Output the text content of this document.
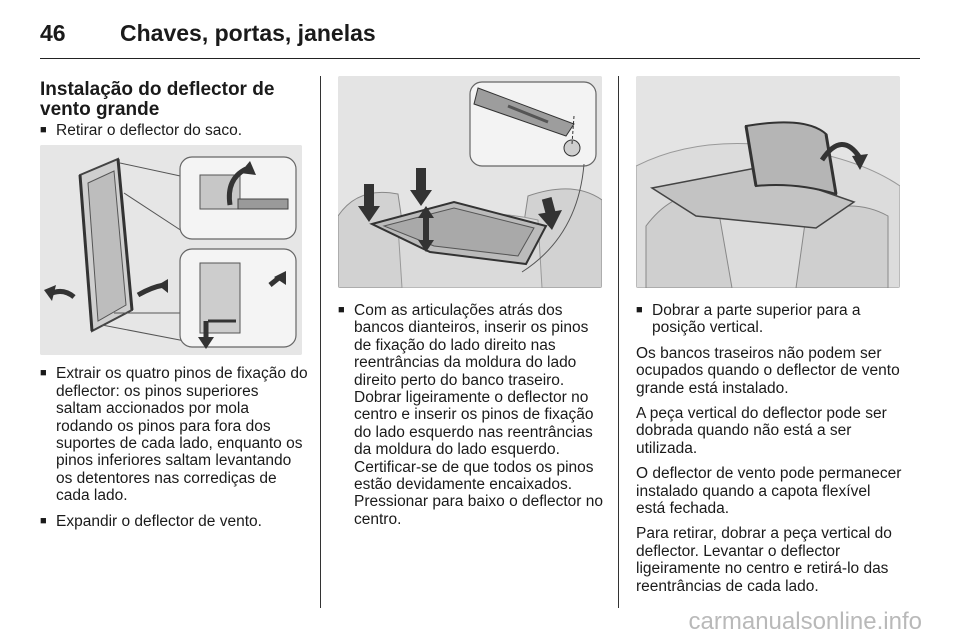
46 Chaves, portas, janelas
Instalação do deflector de vento grande
■ Retirar o deflector do saco.
■ Extrair os quatro pinos de fixação do deflector: os pinos superiores saltam accionados por mola rodando os pinos para fora dos suportes de cada lado, enquanto os pinos inferiores saltam levantando os detentores nas corrediças de cada lado.
■ Expandir o deflector de vento.
■ Com as articulações atrás dos bancos dianteiros, inserir os pinos de fixação do lado direito nas reentrâncias da moldura do lado direito perto do banco traseiro. Dobrar ligeiramente o deflector no centro e inserir os pinos de fixação do lado esquerdo nas reentrâncias da moldura do lado esquerdo. Certificar-se de que todos os pinos estão devidamente encaixados. Pressionar para baixo o deflector no centro.
■ Dobrar a parte superior para a posição vertical.

Os bancos traseiros não podem ser ocupados quando o deflector de vento grande está instalado.

A peça vertical do deflector pode ser dobrada quando não está a ser utilizada.

O deflector de vento pode permanecer instalado quando a capota flexível está fechada.

Para retirar, dobrar a peça vertical do deflector. Levantar o deflector ligeiramente no centro e retirá-lo das reentrâncias de cada lado.

carmanualsonline.info
